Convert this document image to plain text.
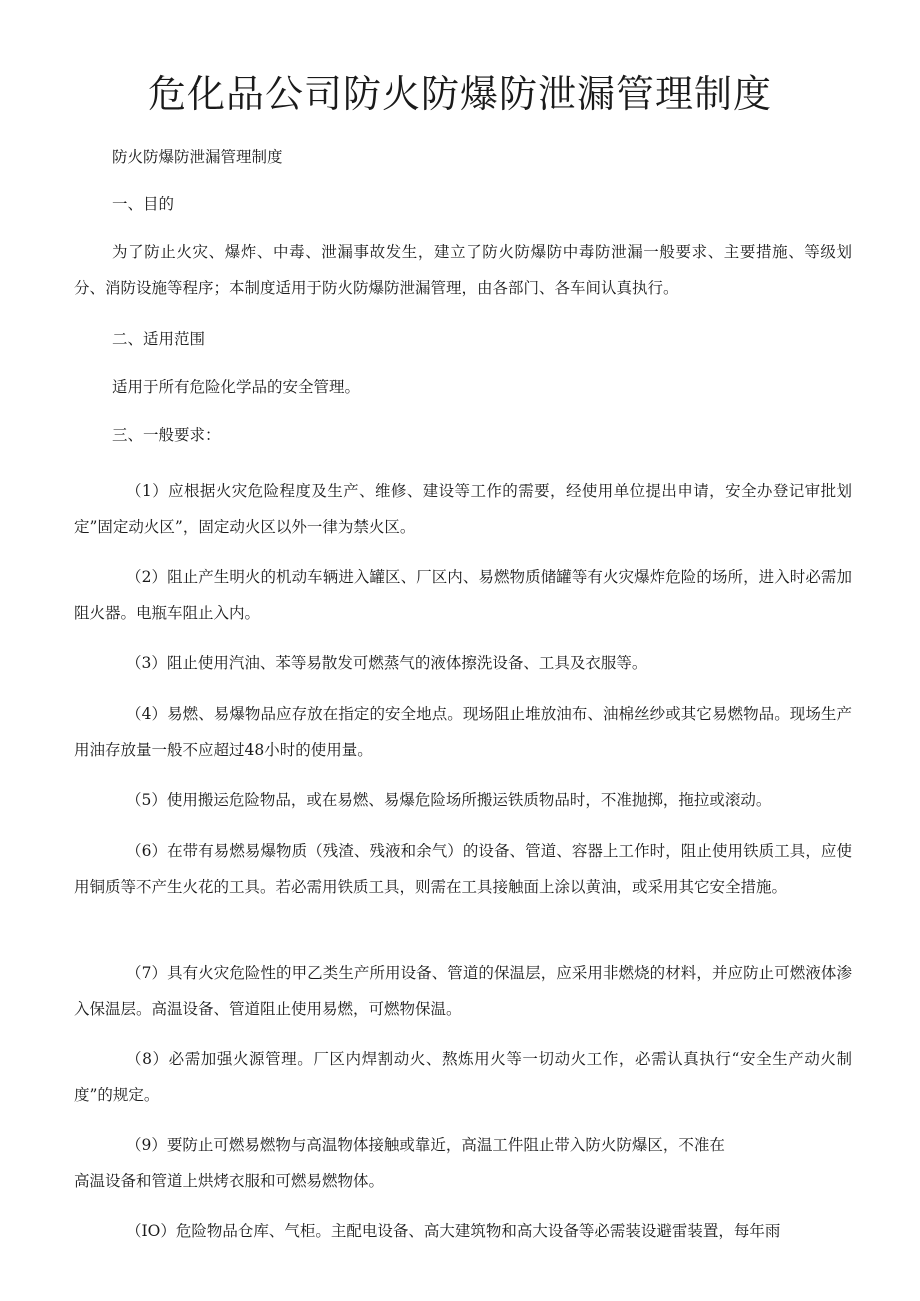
危化品公司防火防爆防泄漏管理制度

防火防爆防泄漏管理制度

一、目的

为了防止火灾、爆炸、中毒、泄漏事故发生，建立了防火防爆防中毒防泄漏一般要求、主要措施、等级划分、消防设施等程序；本制度适用于防火防爆防泄漏管理，由各部门、各车间认真执行。

二、适用范围

适用于所有危险化学品的安全管理。

三、一般要求：

（1）应根据火灾危险程度及生产、维修、建设等工作的需要，经使用单位提出申请，安全办登记审批划定”固定动火区”，固定动火区以外一律为禁火区。

（2）阻止产生明火的机动车辆进入罐区、厂区内、易燃物质储罐等有火灾爆炸危险的场所，进入时必需加阻火器。电瓶车阻止入内。

（3）阻止使用汽油、苯等易散发可燃蒸气的液体擦洗设备、工具及衣服等。

（4）易燃、易爆物品应存放在指定的安全地点。现场阻止堆放油布、油棉丝纱或其它易燃物品。现场生产用油存放量一般不应超过48小时的使用量。

（5）使用搬运危险物品，或在易燃、易爆危险场所搬运铁质物品时，不准抛掷，拖拉或滚动。

（6）在带有易燃易爆物质（残渣、残液和余气）的设备、管道、容器上工作时，阻止使用铁质工具，应使用铜质等不产生火花的工具。若必需用铁质工具，则需在工具接触面上涂以黄油，或采用其它安全措施。

（7）具有火灾危险性的甲乙类生产所用设备、管道的保温层，应采用非燃烧的材料，并应防止可燃液体渗入保温层。高温设备、管道阻止使用易燃，可燃物保温。

（8）必需加强火源管理。厂区内焊割动火、熬炼用火等一切动火工作，必需认真执行“安全生产动火制度”的规定。

（9）要防止可燃易燃物与高温物体接触或靠近，高温工件阻止带入防火防爆区，不准在

高温设备和管道上烘烤衣服和可燃易燃物体。

（IO）危险物品仓库、气柜。主配电设备、高大建筑物和高大设备等必需装设避雷装置，每年雨
